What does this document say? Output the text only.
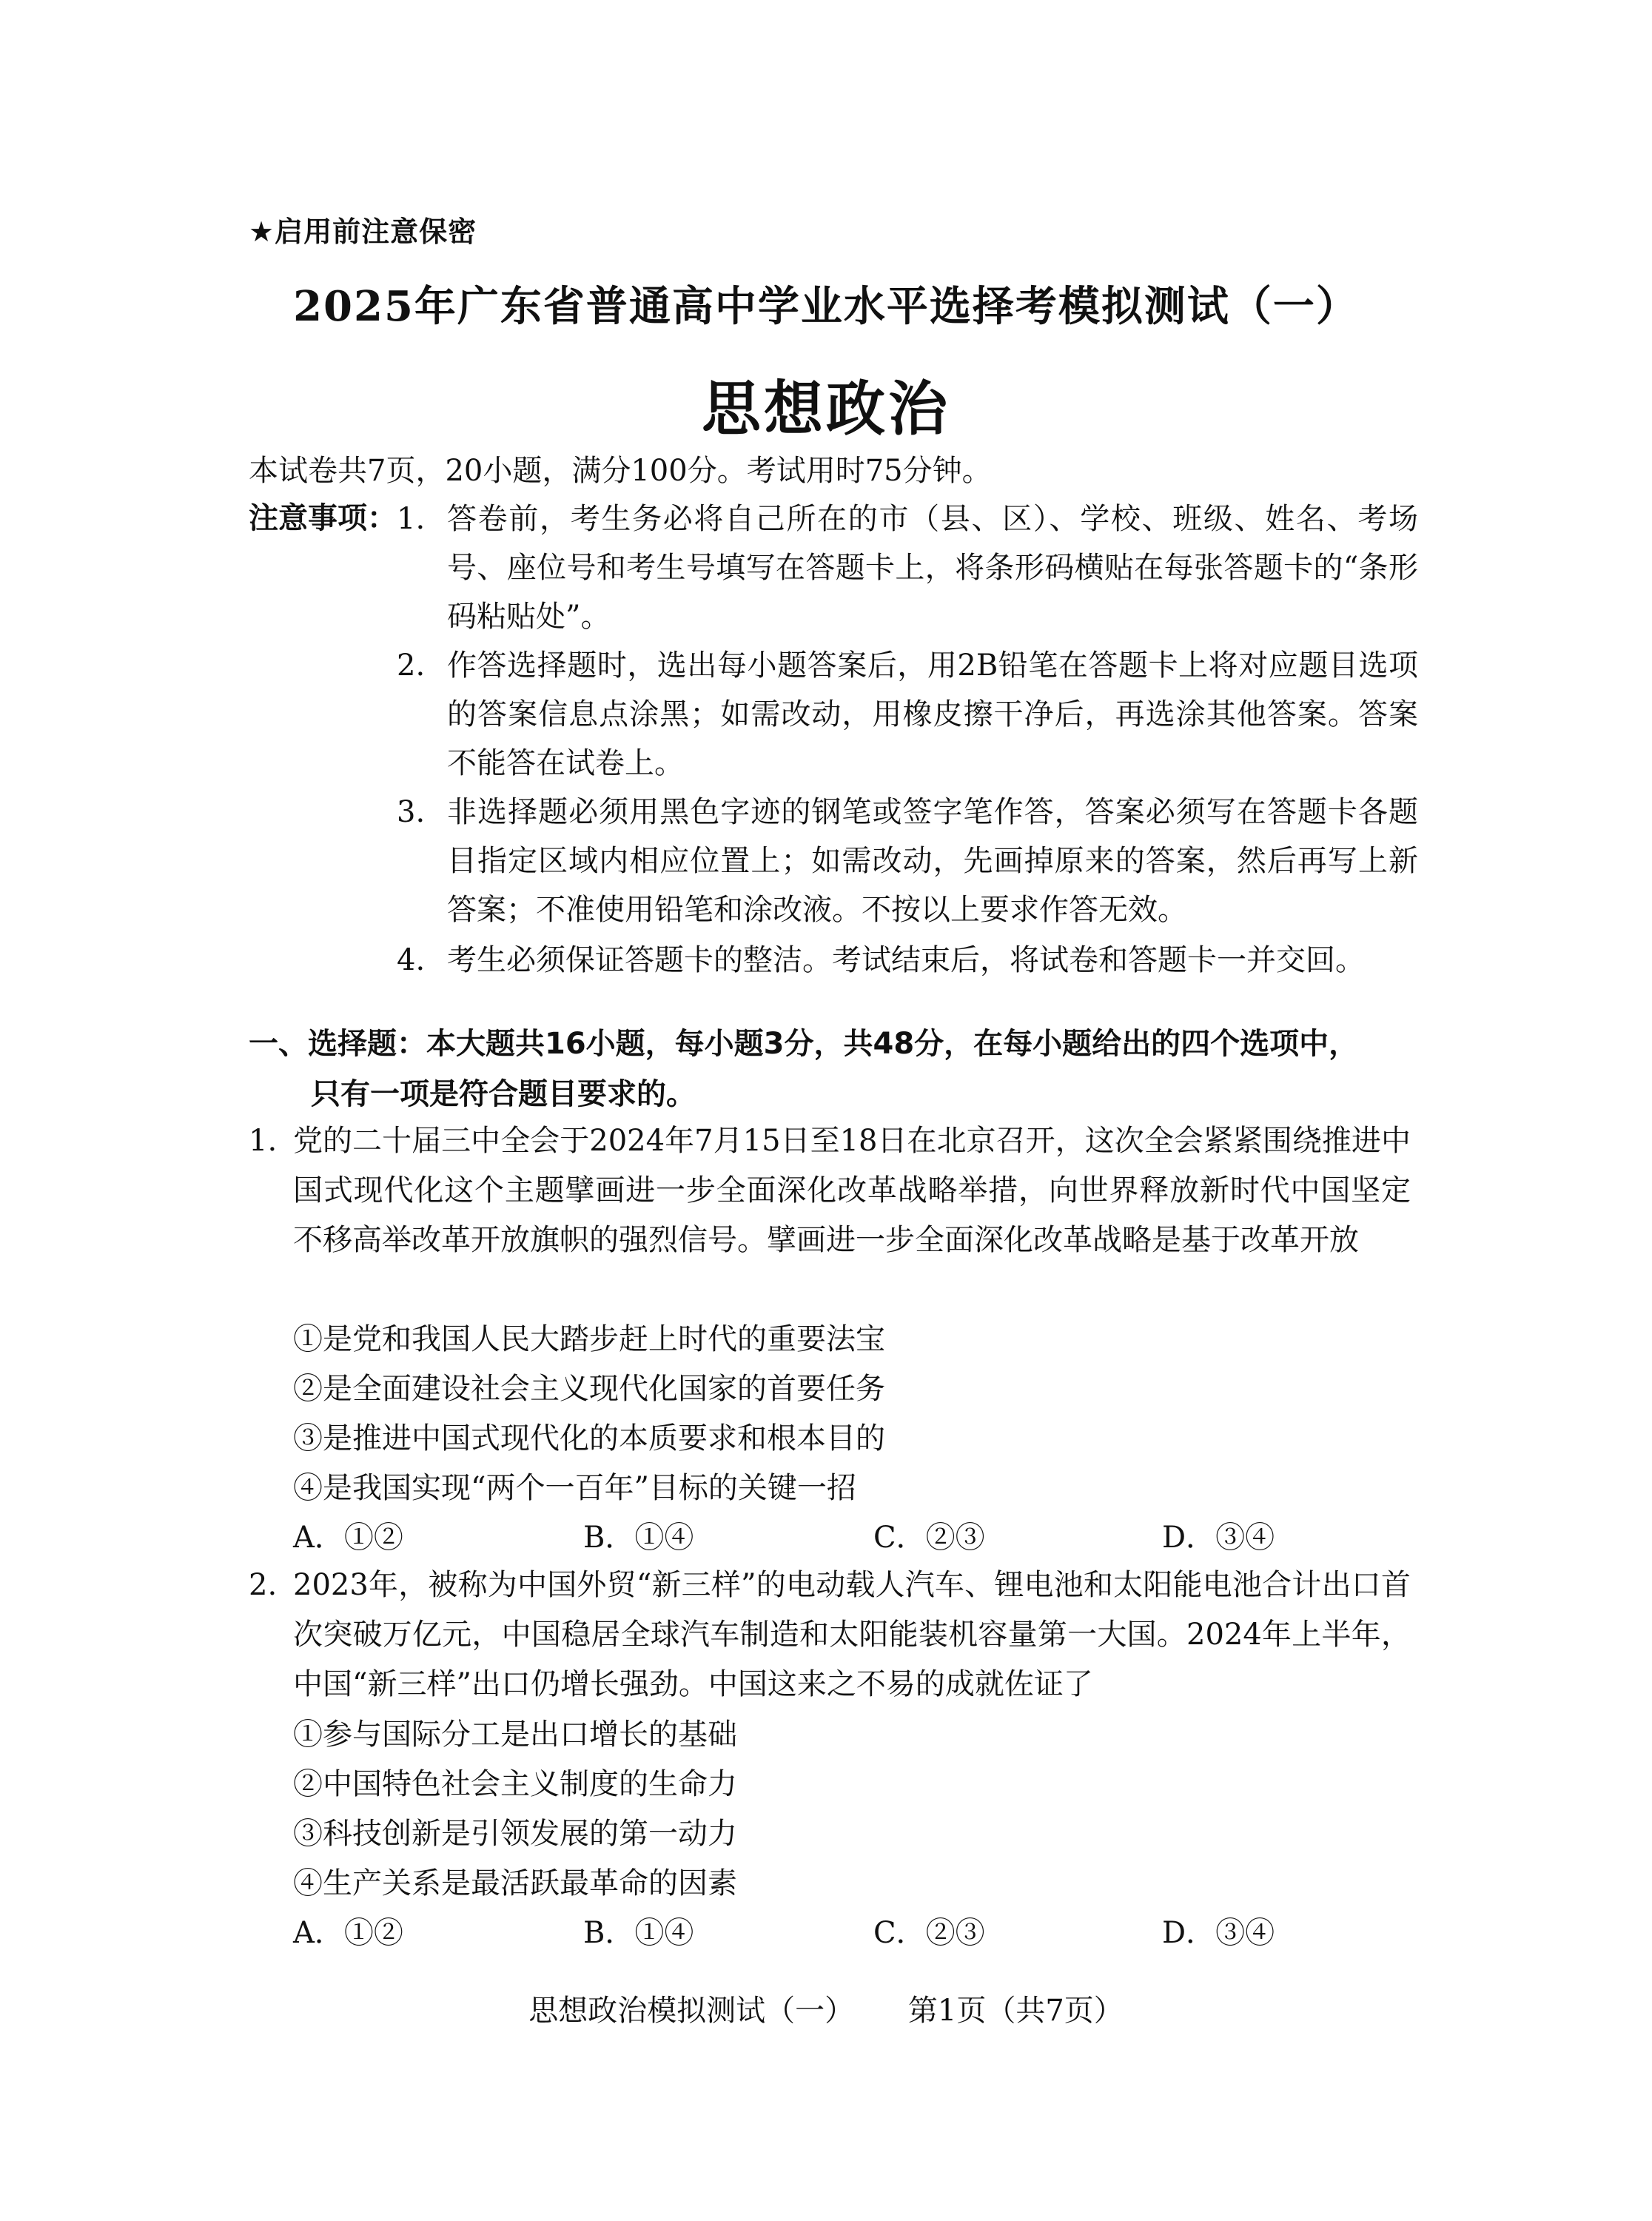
★启用前注意保密
2025年广东省普通高中学业水平选择考模拟测试（一）
思想政治
本试卷共7页，20小题，满分100分。考试用时75分钟。
注意事项： 1. 答卷前，考生务必将自己所在的市（县、区）、学校、班级、姓名、考场号、座位号和考生号填写在答题卡上，将条形码横贴在每张答题卡的“条形码粘贴处”。
2. 作答选择题时，选出每小题答案后，用2B铅笔在答题卡上将对应题目选项的答案信息点涂黑；如需改动，用橡皮擦干净后，再选涂其他答案。答案不能答在试卷上。
3. 非选择题必须用黑色字迹的钢笔或签字笔作答，答案必须写在答题卡各题目指定区域内相应位置上；如需改动，先画掉原来的答案，然后再写上新答案；不准使用铅笔和涂改液。不按以上要求作答无效。
4. 考生必须保证答题卡的整洁。考试结束后，将试卷和答题卡一并交回。
一、选择题：本大题共16小题，每小题3分，共48分，在每小题给出的四个选项中，
只有一项是符合题目要求的。
1. 党的二十届三中全会于2024年7月15日至18日在北京召开，这次全会紧紧围绕推进中国式现代化这个主题擘画进一步全面深化改革战略举措，向世界释放新时代中国坚定不移高举改革开放旗帜的强烈信号。擘画进一步全面深化改革战略是基于改革开放
①是党和我国人民大踏步赶上时代的重要法宝
②是全面建设社会主义现代化国家的首要任务
③是推进中国式现代化的本质要求和根本目的
④是我国实现“两个一百年”目标的关键一招
A．①②	B．①④	C．②③	D．③④
2. 2023年，被称为中国外贸“新三样”的电动载人汽车、锂电池和太阳能电池合计出口首次突破万亿元，中国稳居全球汽车制造和太阳能装机容量第一大国。2024年上半年，中国“新三样”出口仍增长强劲。中国这来之不易的成就佐证了
①参与国际分工是出口增长的基础
②中国特色社会主义制度的生命力
③科技创新是引领发展的第一动力
④生产关系是最活跃最革命的因素
A．①②	B．①④	C．②③	D．③④
思想政治模拟测试（一） 第1页（共7页）
